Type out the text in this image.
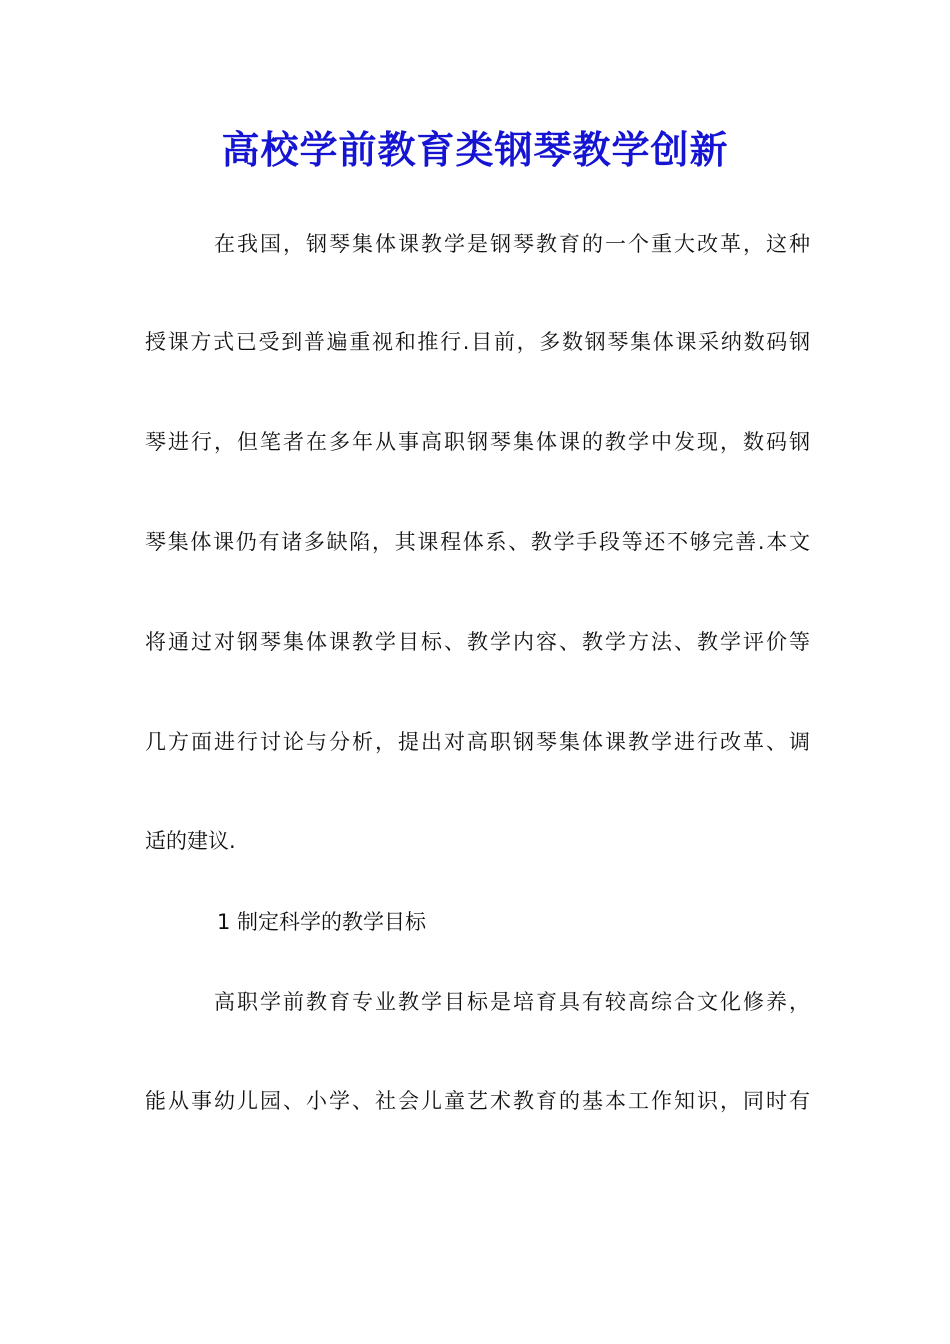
高校学前教育类钢琴教学创新

在我国，钢琴集体课教学是钢琴教育的一个重大改革，这种

授课方式已受到普遍重视和推行.目前，多数钢琴集体课采纳数码钢

琴进行，但笔者在多年从事高职钢琴集体课的教学中发现，数码钢

琴集体课仍有诸多缺陷，其课程体系、教学手段等还不够完善.本文

将通过对钢琴集体课教学目标、教学内容、教学方法、教学评价等

几方面进行讨论与分析，提出对高职钢琴集体课教学进行改革、调

适的建议.

1 制定科学的教学目标

高职学前教育专业教学目标是培育具有较高综合文化修养，

能从事幼儿园、小学、社会儿童艺术教育的基本工作知识，同时有
